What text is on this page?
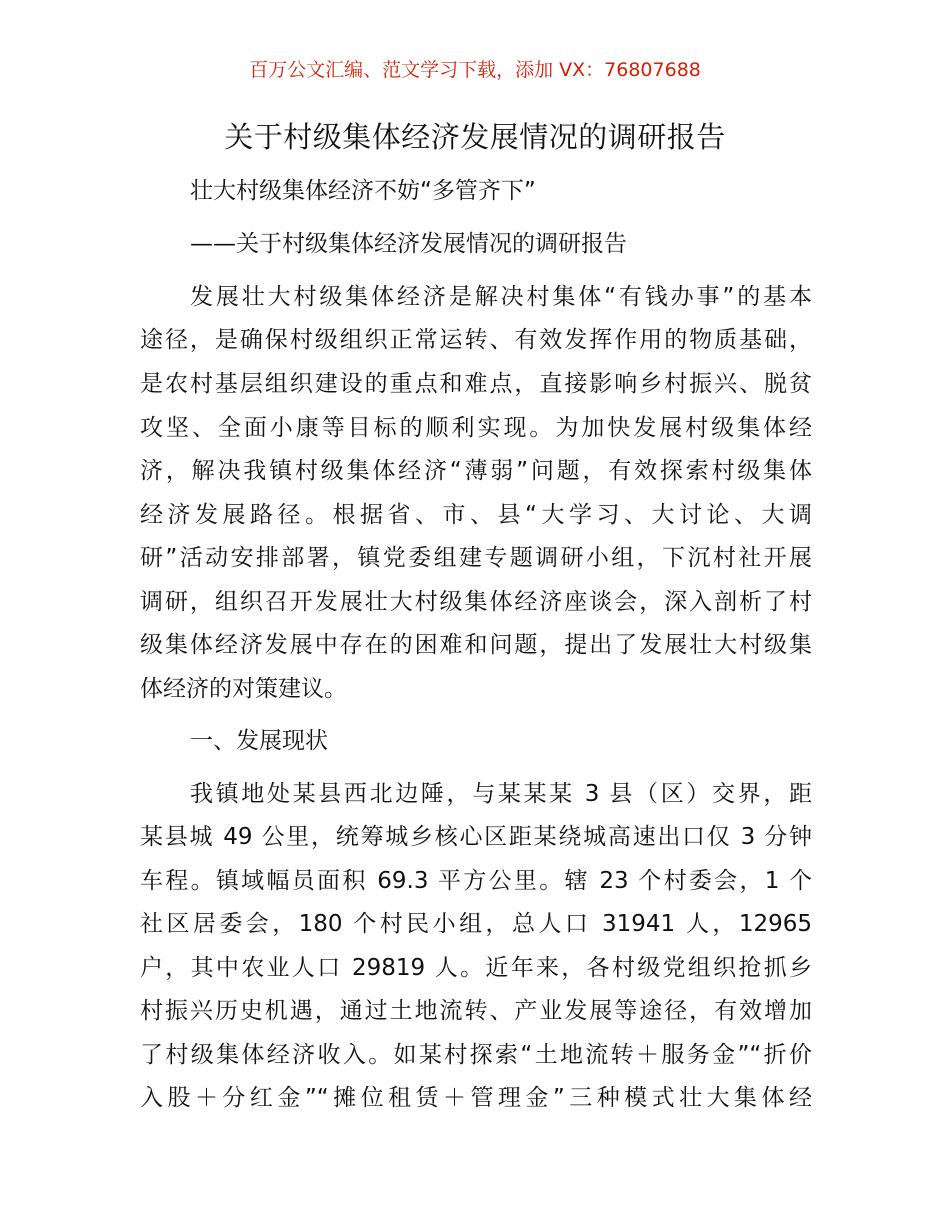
百万公文汇编、范文学习下载，添加 VX：76807688
关于村级集体经济发展情况的调研报告
壮大村级集体经济不妨“多管齐下”
——关于村级集体经济发展情况的调研报告
发展壮大村级集体经济是解决村集体“有钱办事”的基本
途径，是确保村级组织正常运转、有效发挥作用的物质基础，
是农村基层组织建设的重点和难点，直接影响乡村振兴、脱贫
攻坚、全面小康等目标的顺利实现。为加快发展村级集体经
济，解决我镇村级集体经济“薄弱”问题，有效探索村级集体
经济发展路径。根据省、市、县“大学习、大讨论、大调
研”活动安排部署，镇党委组建专题调研小组，下沉村社开展
调研，组织召开发展壮大村级集体经济座谈会，深入剖析了村
级集体经济发展中存在的困难和问题，提出了发展壮大村级集
体经济的对策建议。
一、发展现状
我镇地处某县西北边陲，与某某某 3 县（区）交界，距
某县城 49 公里，统筹城乡核心区距某绕城高速出口仅 3 分钟
车程。镇域幅员面积 69.3 平方公里。辖 23 个村委会，1 个
社区居委会，180 个村民小组，总人口 31941 人，12965
户，其中农业人口 29819 人。近年来，各村级党组织抢抓乡
村振兴历史机遇，通过土地流转、产业发展等途径，有效增加
了村级集体经济收入。如某村探索“土地流转＋服务金”“折价
入股＋分红金”“摊位租赁＋管理金”三种模式壮大集体经
